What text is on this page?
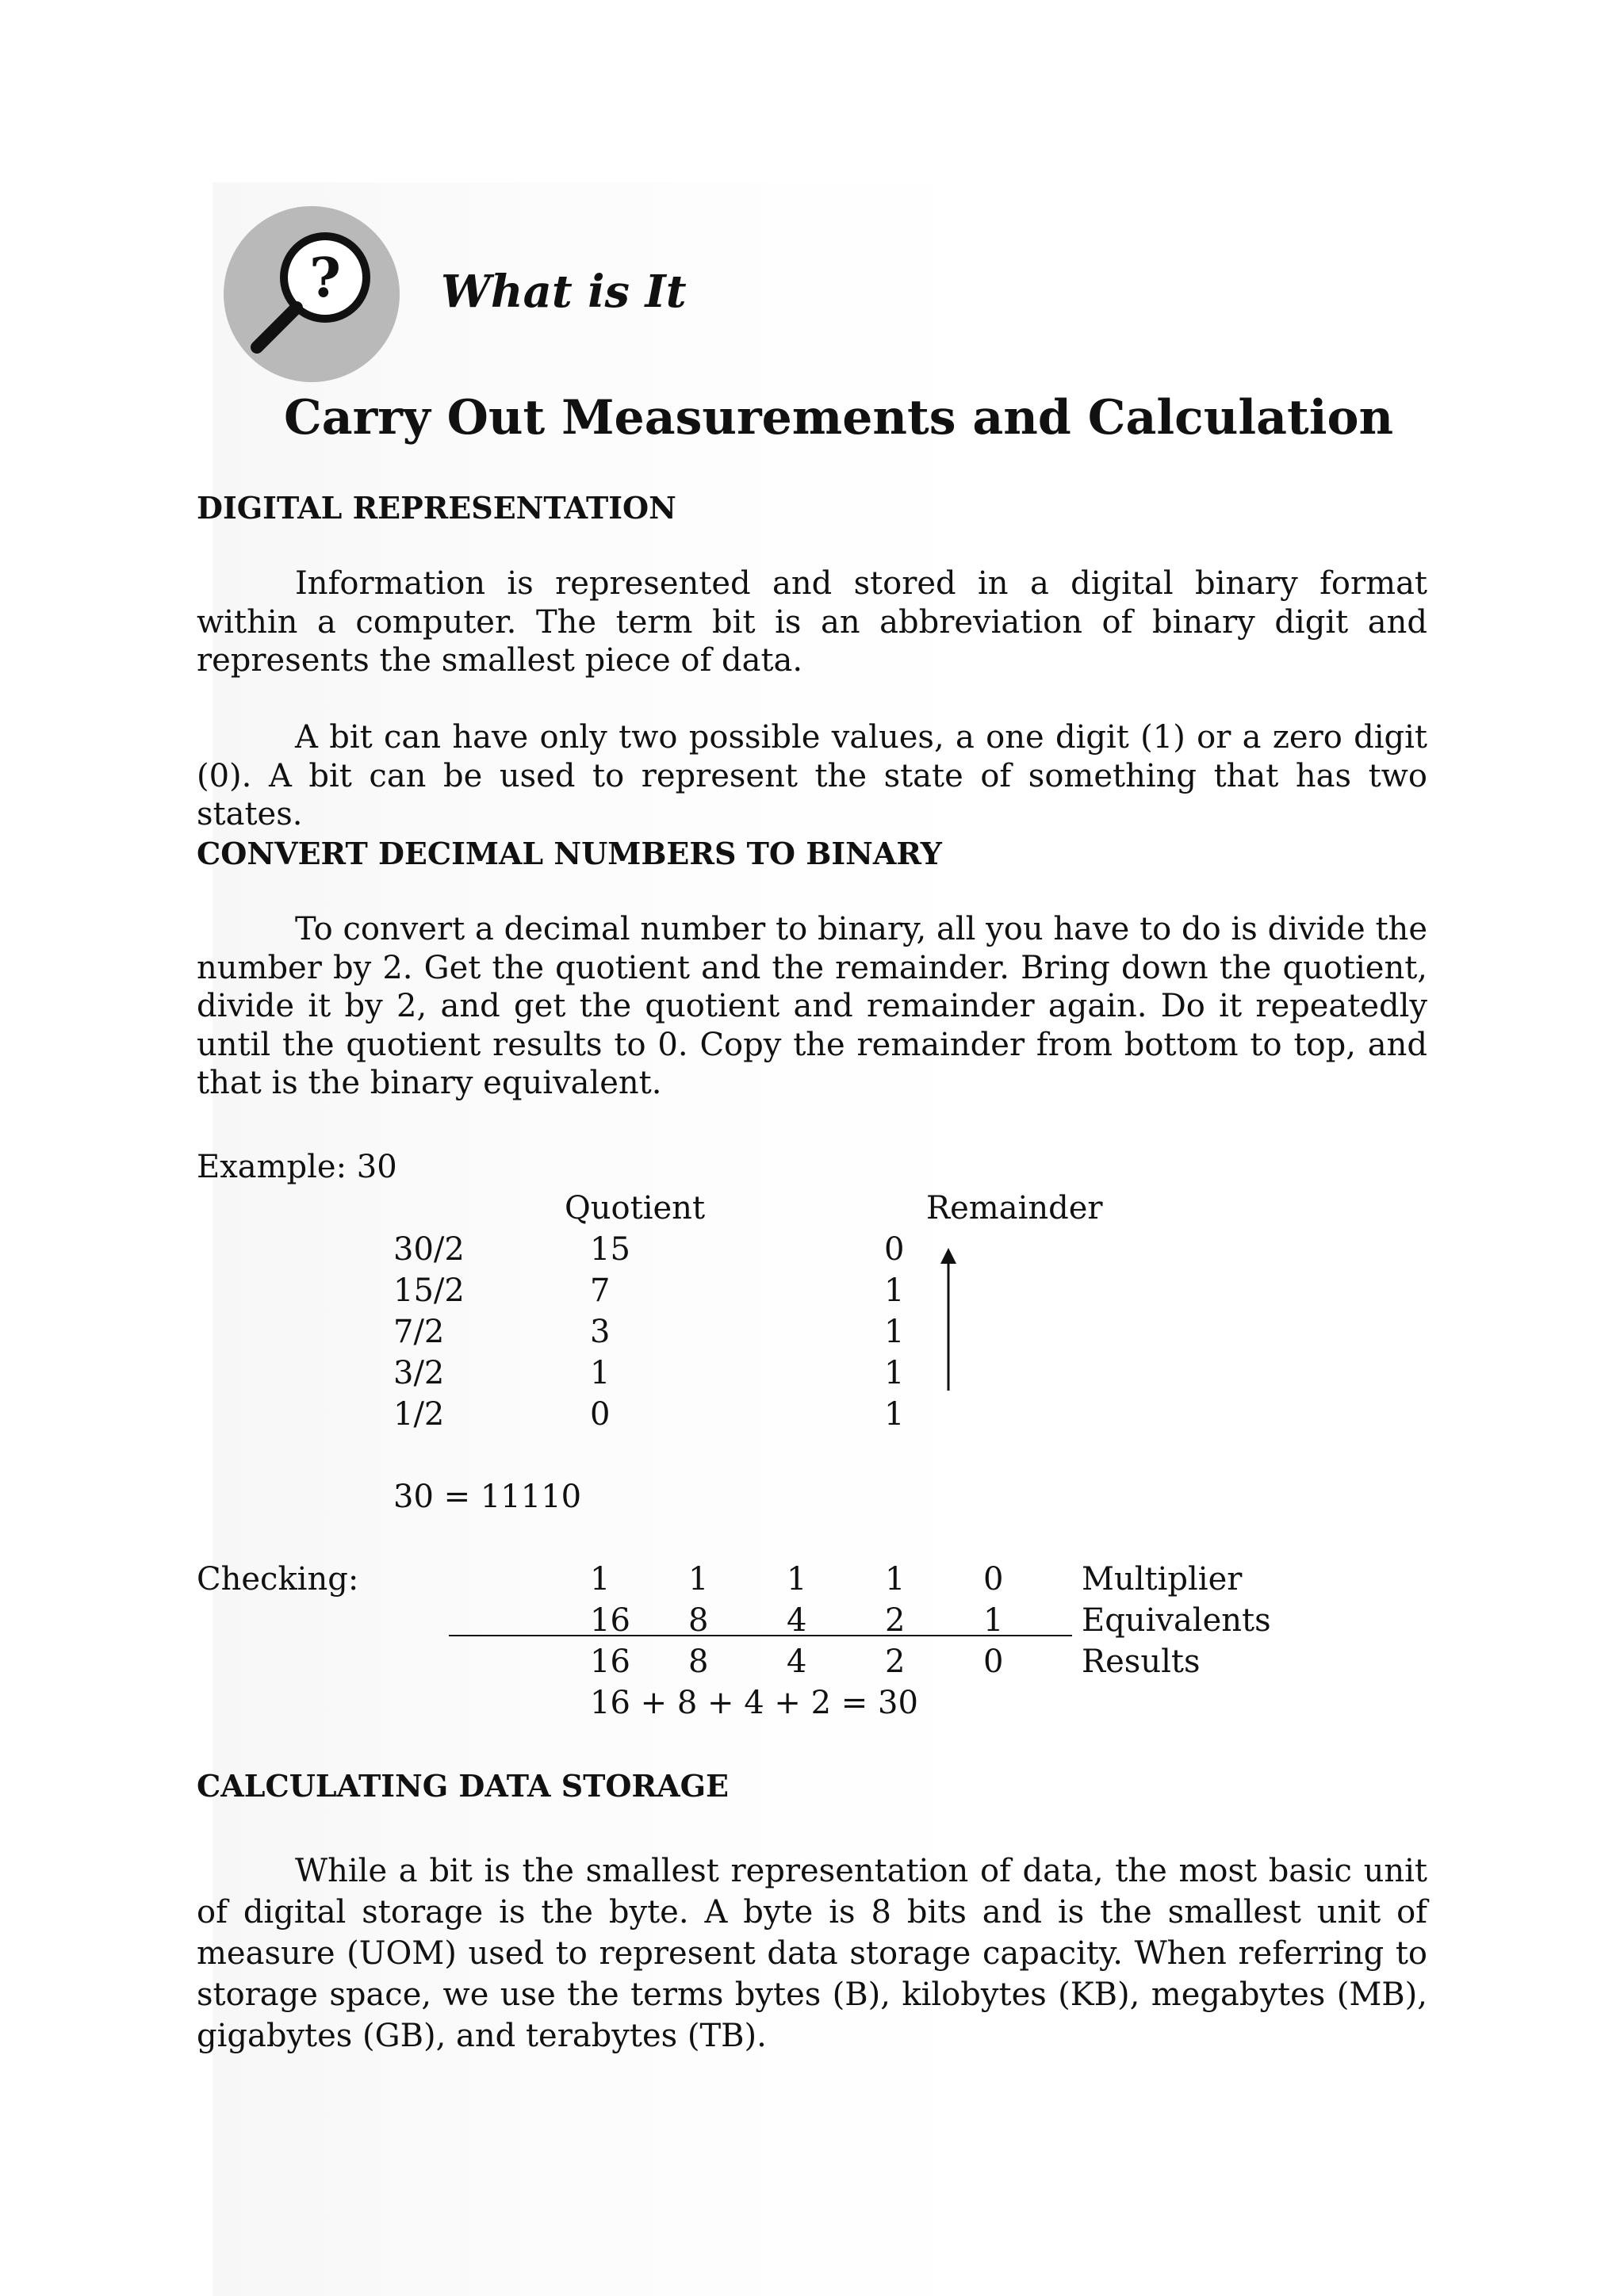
? What is It
Carry Out Measurements and Calculation
DIGITAL REPRESENTATION

Information is represented and stored in a digital binary format within a computer. The term bit is an abbreviation of binary digit and represents the smallest piece of data.

A bit can have only two possible values, a one digit (1) or a zero digit (0). A bit can be used to represent the state of something that has two states.

CONVERT DECIMAL NUMBERS TO BINARY

To convert a decimal number to binary, all you have to do is divide the number by 2. Get the quotient and the remainder. Bring down the quotient, divide it by 2, and get the quotient and remainder again. Do it repeatedly until the quotient results to 0. Copy the remainder from bottom to top, and that is the binary equivalent.

Example: 30
Quotient	Remainder
30/2	15	0
15/2	7	1
7/2	3	1
3/2	1	1
1/2	0	1
30 = 11110
Checking:	1 1 1 1 0 Multiplier
16 8 4 2 1 Equivalents
16 8 4 2 0 Results
16 + 8 + 4 + 2 = 30
CALCULATING DATA STORAGE

While a bit is the smallest representation of data, the most basic unit of digital storage is the byte. A byte is 8 bits and is the smallest unit of measure (UOM) used to represent data storage capacity. When referring to storage space, we use the terms bytes (B), kilobytes (KB), megabytes (MB), gigabytes (GB), and terabytes (TB).
